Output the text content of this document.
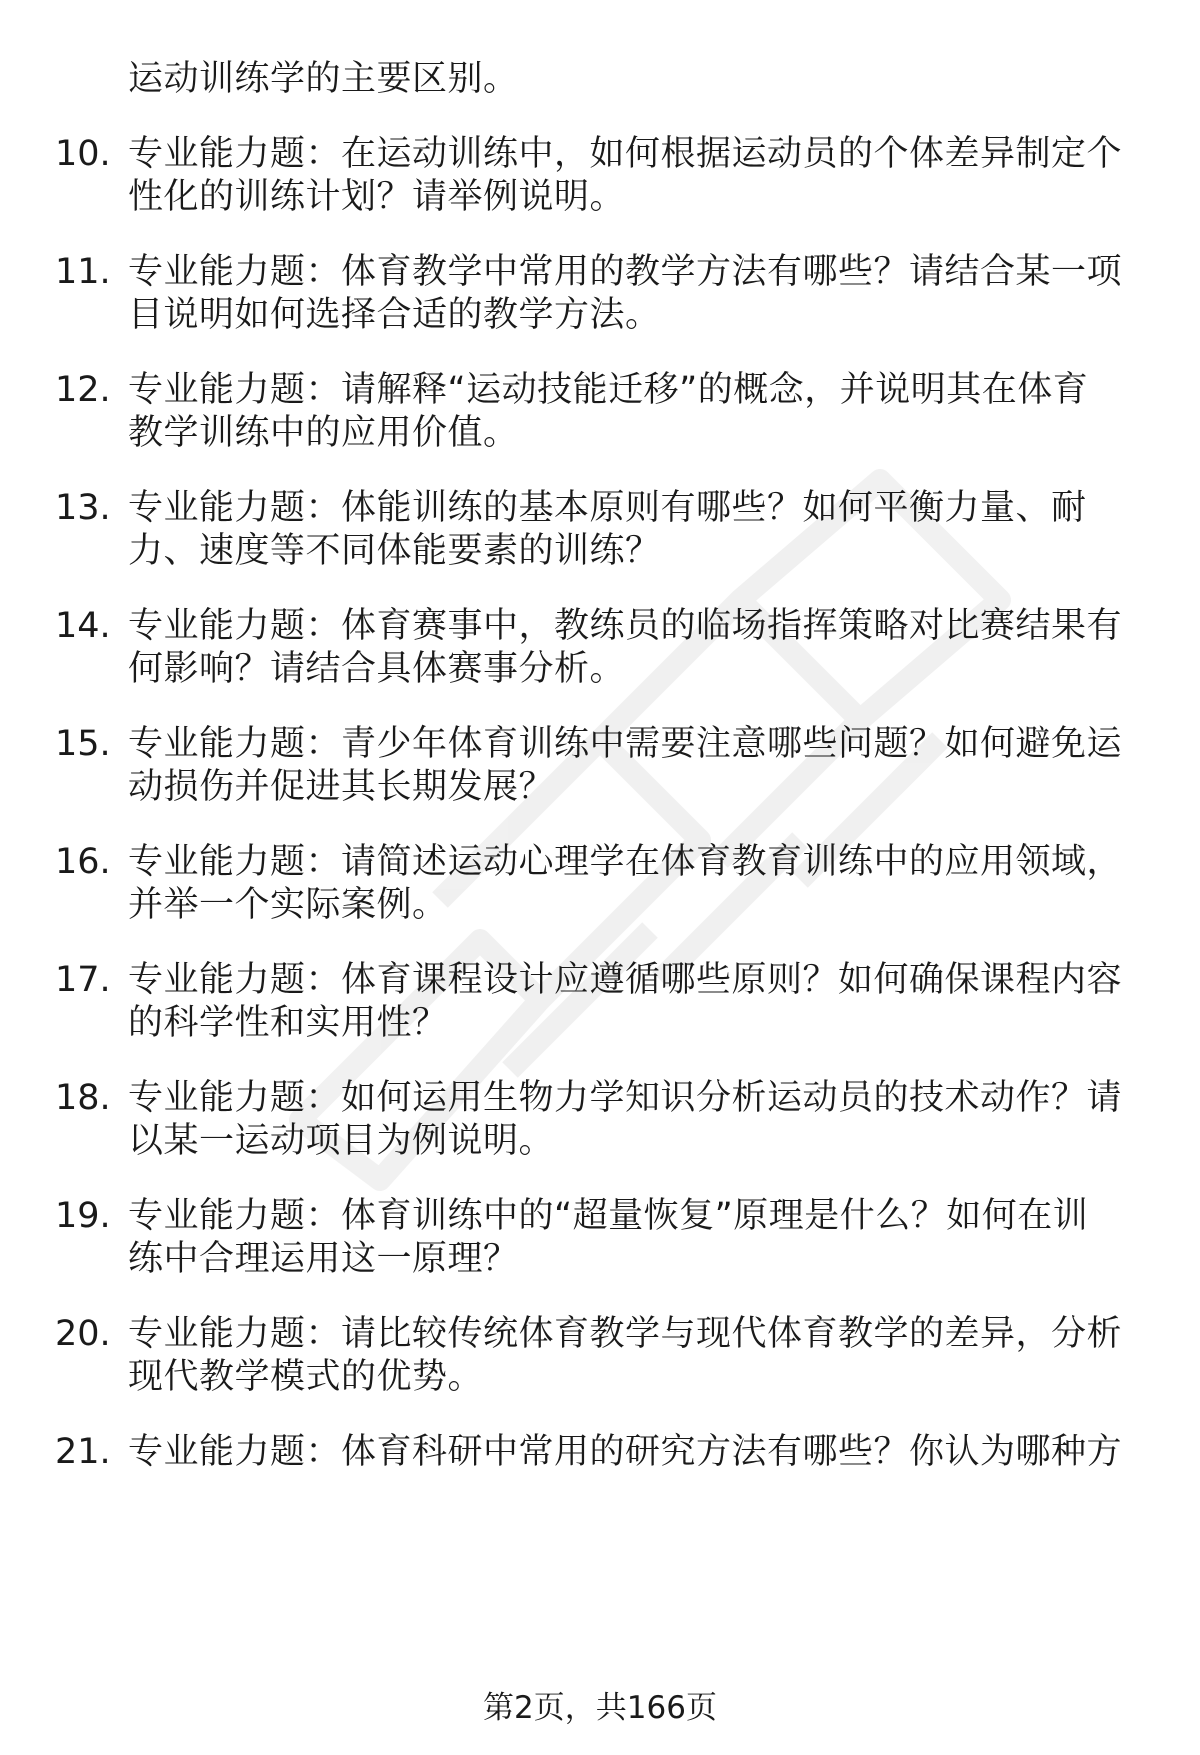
运动训练学的主要区别。
10. 专业能力题：在运动训练中，如何根据运动员的个体差异制定个
性化的训练计划？请举例说明。
11. 专业能力题：体育教学中常用的教学方法有哪些？请结合某一项
目说明如何选择合适的教学方法。
12. 专业能力题：请解释“运动技能迁移”的概念，并说明其在体育
教学训练中的应用价值。
13. 专业能力题：体能训练的基本原则有哪些？如何平衡力量、耐
力、速度等不同体能要素的训练？
14. 专业能力题：体育赛事中，教练员的临场指挥策略对比赛结果有
何影响？请结合具体赛事分析。
15. 专业能力题：青少年体育训练中需要注意哪些问题？如何避免运
动损伤并促进其长期发展？
16. 专业能力题：请简述运动心理学在体育教育训练中的应用领域，
并举一个实际案例。
17. 专业能力题：体育课程设计应遵循哪些原则？如何确保课程内容
的科学性和实用性？
18. 专业能力题：如何运用生物力学知识分析运动员的技术动作？请
以某一运动项目为例说明。
19. 专业能力题：体育训练中的“超量恢复”原理是什么？如何在训
练中合理运用这一原理？
20. 专业能力题：请比较传统体育教学与现代体育教学的差异，分析
现代教学模式的优势。
21. 专业能力题：体育科研中常用的研究方法有哪些？你认为哪种方
第2页，共166页
